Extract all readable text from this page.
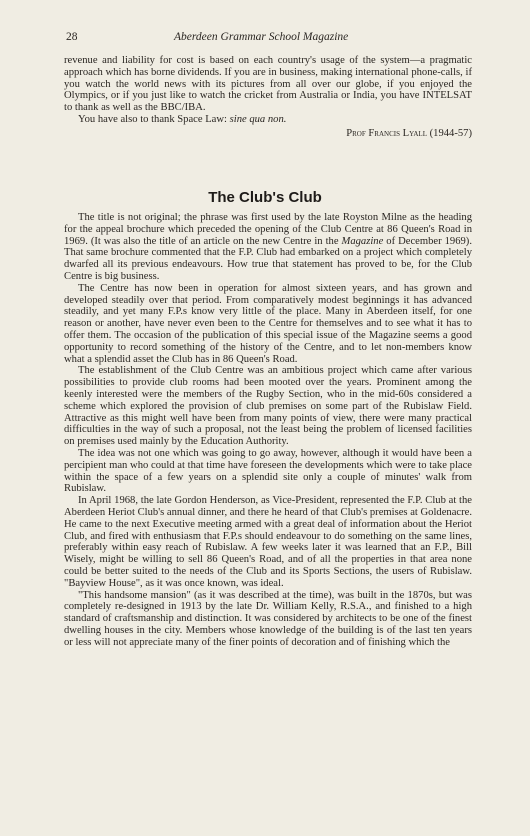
28	Aberdeen Grammar School Magazine

revenue and liability for cost is based on each country's usage of the system—a pragmatic approach which has borne dividends. If you are in business, making international phone-calls, if you watch the world news with its pictures from all over our globe, if you enjoyed the Olympics, or if you just like to watch the cricket from Australia or India, you have INTELSAT to thank as well as the BBC/IBA.

You have also to thank Space Law: sine qua non.

Prof Francis Lyall (1944-57)
The Club's Club

The title is not original; the phrase was first used by the late Royston Milne as the heading for the appeal brochure which preceded the opening of the Club Centre at 86 Queen's Road in 1969. (It was also the title of an article on the new Centre in the Magazine of December 1969). That same brochure commented that the F.P. Club had embarked on a project which completely dwarfed all its previous endeavours. How true that statement has proved to be, for the Club Centre is big business.

The Centre has now been in operation for almost sixteen years, and has grown and developed steadily over that period. From comparatively modest beginnings it has advanced steadily, and yet many F.P.s know very little of the place. Many in Aberdeen itself, for one reason or another, have never even been to the Centre for themselves and to see what it has to offer them. The occasion of the publication of this special issue of the Magazine seems a good opportunity to record something of the history of the Centre, and to let non-members know what a splendid asset the Club has in 86 Queen's Road.

The establishment of the Club Centre was an ambitious project which came after various possibilities to provide club rooms had been mooted over the years. Prominent among the keenly interested were the members of the Rugby Section, who in the mid-60s considered a scheme which explored the provision of club premises on some part of the Rubislaw Field. Attractive as this might well have been from many points of view, there were many practical difficulties in the way of such a proposal, not the least being the problem of licensed facilities on premises used mainly by the Education Authority.

The idea was not one which was going to go away, however, although it would have been a percipient man who could at that time have foreseen the developments which were to take place within the space of a few years on a splendid site only a couple of minutes' walk from Rubislaw.

In April 1968, the late Gordon Henderson, as Vice-President, represented the F.P. Club at the Aberdeen Heriot Club's annual dinner, and there he heard of that Club's premises at Goldenacre. He came to the next Executive meeting armed with a great deal of information about the Heriot Club, and fired with enthusiasm that F.P.s should endeavour to do something on the same lines, preferably within easy reach of Rubislaw. A few weeks later it was learned that an F.P., Bill Wisely, might be willing to sell 86 Queen's Road, and of all the properties in that area none could be better suited to the needs of the Club and its Sports Sections, the users of Rubislaw. "Bayview House", as it was once known, was ideal.

"This handsome mansion" (as it was described at the time), was built in the 1870s, but was completely re-designed in 1913 by the late Dr. William Kelly, R.S.A., and finished to a high standard of craftsmanship and distinction. It was considered by architects to be one of the finest dwelling houses in the city. Members whose knowledge of the building is of the last ten years or less will not appreciate many of the finer points of decoration and of finishing which the
